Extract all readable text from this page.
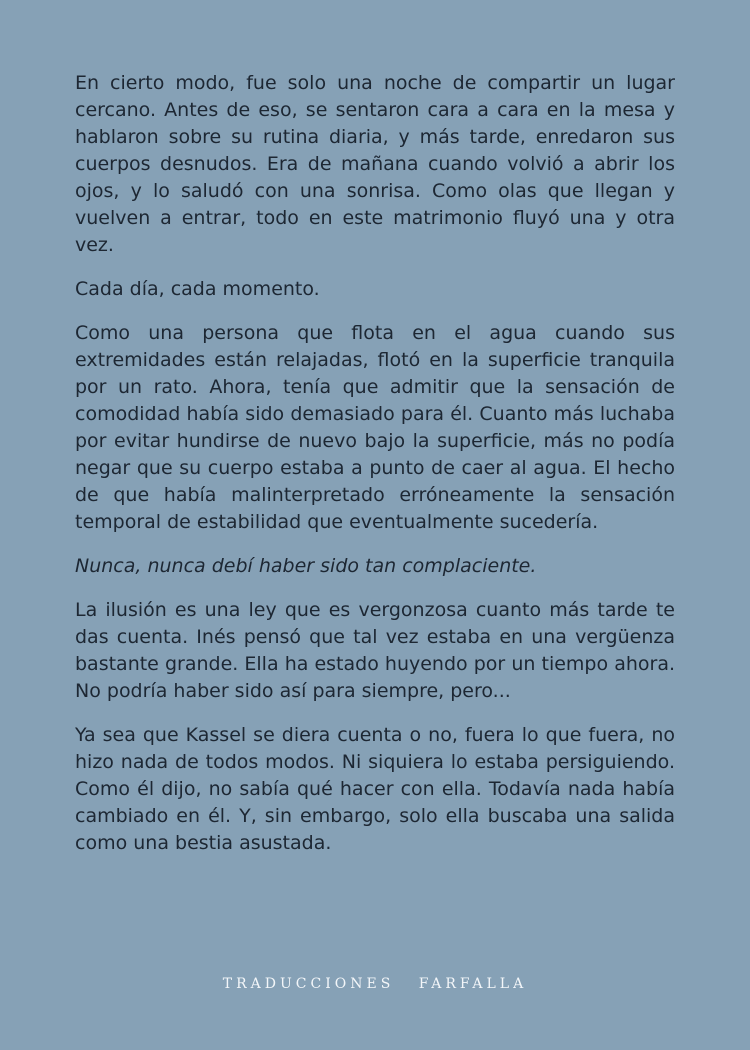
En cierto modo, fue solo una noche de compartir un lugar cercano. Antes de eso, se sentaron cara a cara en la mesa y hablaron sobre su rutina diaria, y más tarde, enredaron sus cuerpos desnudos. Era de mañana cuando volvió a abrir los ojos, y lo saludó con una sonrisa. Como olas que llegan y vuelven a entrar, todo en este matrimonio fluyó una y otra vez.

Cada día, cada momento.

Como una persona que flota en el agua cuando sus extremidades están relajadas, flotó en la superficie tranquila por un rato. Ahora, tenía que admitir que la sensación de comodidad había sido demasiado para él. Cuanto más luchaba por evitar hundirse de nuevo bajo la superficie, más no podía negar que su cuerpo estaba a punto de caer al agua. El hecho de que había malinterpretado erróneamente la sensación temporal de estabilidad que eventualmente sucedería.

Nunca, nunca debí haber sido tan complaciente.

La ilusión es una ley que es vergonzosa cuanto más tarde te das cuenta. Inés pensó que tal vez estaba en una vergüenza bastante grande. Ella ha estado huyendo por un tiempo ahora. No podría haber sido así para siempre, pero...

Ya sea que Kassel se diera cuenta o no, fuera lo que fuera, no hizo nada de todos modos. Ni siquiera lo estaba persiguiendo. Como él dijo, no sabía qué hacer con ella. Todavía nada había cambiado en él. Y, sin embargo, solo ella buscaba una salida como una bestia asustada.

TRADUCCIONES FARFALLA
